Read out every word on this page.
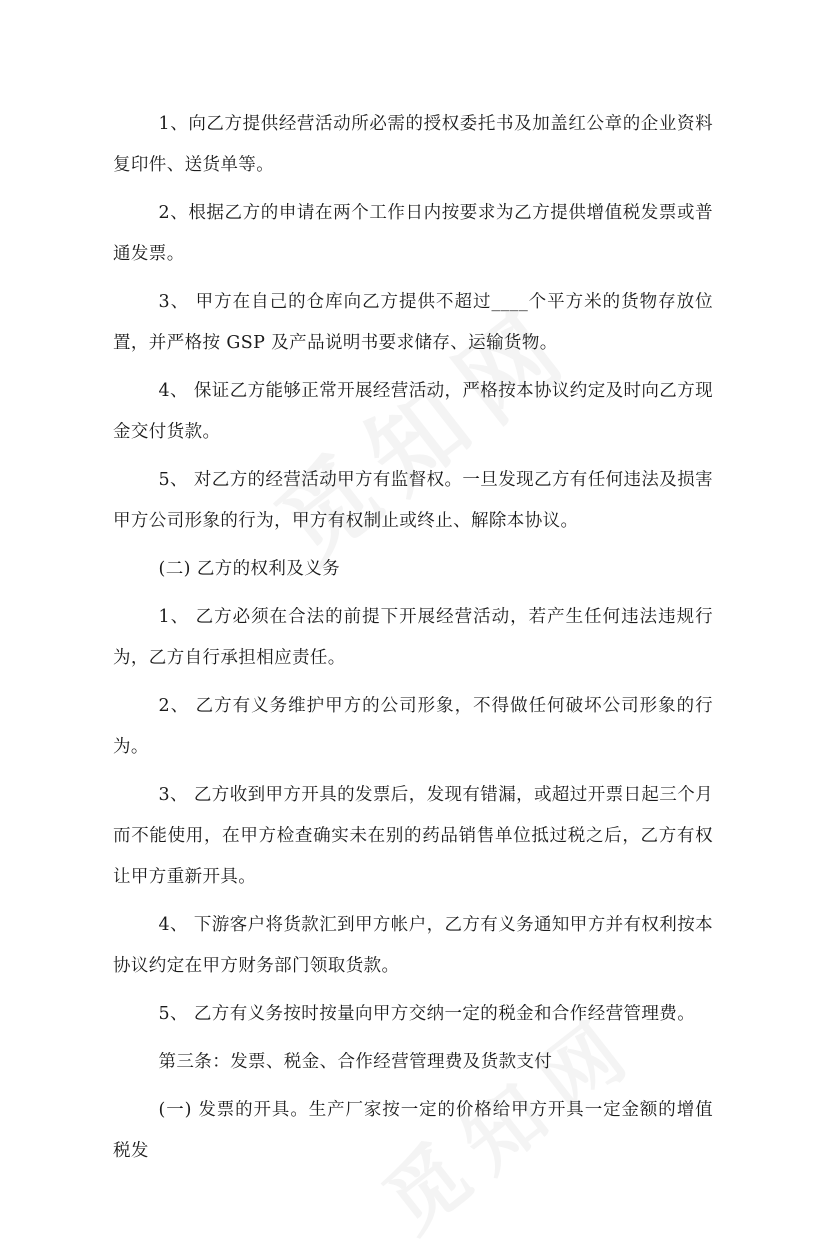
1、向乙方提供经营活动所必需的授权委托书及加盖红公章的企业资料复印件、送货单等。

2、根据乙方的申请在两个工作日内按要求为乙方提供增值税发票或普通发票。

3、 甲方在自己的仓库向乙方提供不超过____个平方米的货物存放位置，并严格按 GSP 及产品说明书要求储存、运输货物。

4、 保证乙方能够正常开展经营活动，严格按本协议约定及时向乙方现金交付货款。

5、 对乙方的经营活动甲方有监督权。一旦发现乙方有任何违法及损害甲方公司形象的行为，甲方有权制止或终止、解除本协议。

(二) 乙方的权利及义务

1、 乙方必须在合法的前提下开展经营活动，若产生任何违法违规行为，乙方自行承担相应责任。

2、 乙方有义务维护甲方的公司形象，不得做任何破坏公司形象的行为。

3、 乙方收到甲方开具的发票后，发现有错漏，或超过开票日起三个月而不能使用，在甲方检查确实未在别的药品销售单位抵过税之后，乙方有权让甲方重新开具。

4、 下游客户将货款汇到甲方帐户，乙方有义务通知甲方并有权利按本协议约定在甲方财务部门领取货款。

5、 乙方有义务按时按量向甲方交纳一定的税金和合作经营管理费。

第三条：发票、税金、合作经营管理费及货款支付

(一) 发票的开具。生产厂家按一定的价格给甲方开具一定金额的增值税发
